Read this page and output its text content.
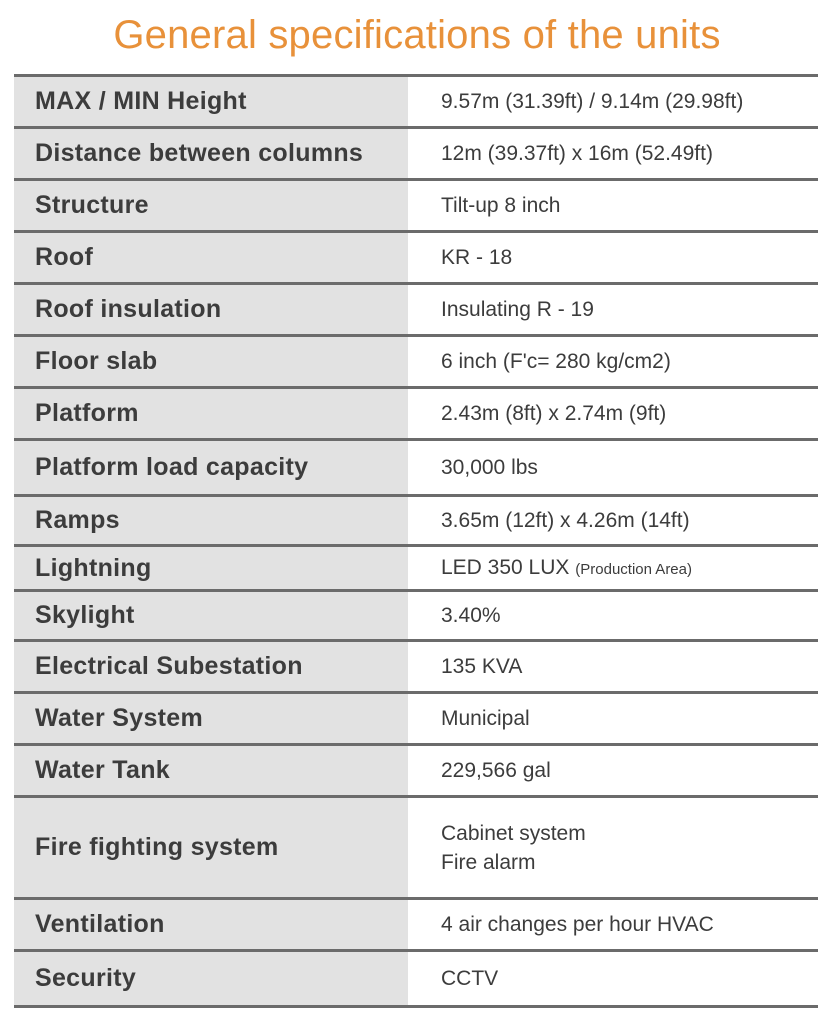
General specifications of the units
MAX / MIN Height	9.57m (31.39ft) / 9.14m (29.98ft)
Distance between columns	12m (39.37ft) x 16m (52.49ft)
Structure	Tilt-up 8 inch
Roof	KR - 18
Roof insulation	Insulating R - 19
Floor slab	6 inch (F'c= 280 kg/cm2)
Platform	2.43m (8ft) x 2.74m (9ft)
Platform load capacity	30,000 lbs
Ramps	3.65m (12ft) x 4.26m (14ft)
Lightning	LED 350 LUX (Production Area)
Skylight	3.40%
Electrical Subestation	135 KVA
Water System	Municipal
Water Tank	229,566 gal
Fire fighting system	Cabinet system
Fire alarm
Ventilation	4 air changes per hour HVAC
Security	CCTV
